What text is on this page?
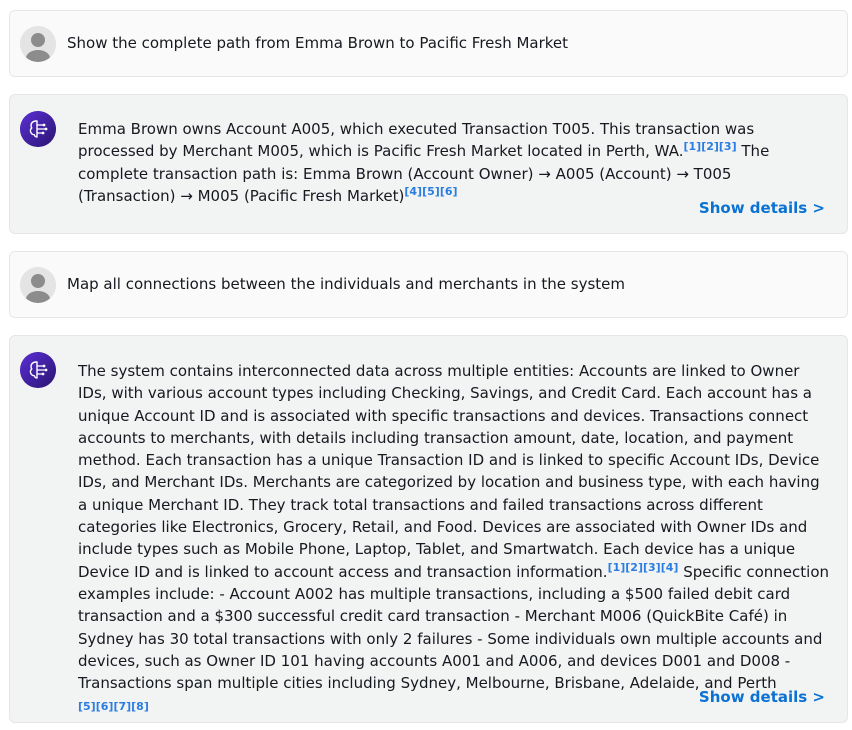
Show the complete path from Emma Brown to Pacific Fresh Market
Emma Brown owns Account A005, which executed Transaction T005. This transaction was processed by Merchant M005, which is Pacific Fresh Market located in Perth, WA.[1][2][3] The complete transaction path is: Emma Brown (Account Owner) → A005 (Account) → T005 (Transaction) → M005 (Pacific Fresh Market)[4][5][6]
Show details >
Map all connections between the individuals and merchants in the system
The system contains interconnected data across multiple entities: Accounts are linked to Owner IDs, with various account types including Checking, Savings, and Credit Card. Each account has a unique Account ID and is associated with specific transactions and devices. Transactions connect accounts to merchants, with details including transaction amount, date, location, and payment method. Each transaction has a unique Transaction ID and is linked to specific Account IDs, Device IDs, and Merchant IDs. Merchants are categorized by location and business type, with each having a unique Merchant ID. They track total transactions and failed transactions across different categories like Electronics, Grocery, Retail, and Food. Devices are associated with Owner IDs and include types such as Mobile Phone, Laptop, Tablet, and Smartwatch. Each device has a unique Device ID and is linked to account access and transaction information.[1][2][3][4] Specific connection examples include: - Account A002 has multiple transactions, including a $500 failed debit card transaction and a $300 successful credit card transaction - Merchant M006 (QuickBite Café) in Sydney has 30 total transactions with only 2 failures - Some individuals own multiple accounts and devices, such as Owner ID 101 having accounts A001 and A006, and devices D001 and D008 - Transactions span multiple cities including Sydney, Melbourne, Brisbane, Adelaide, and Perth
[5][6][7][8]
Show details >
